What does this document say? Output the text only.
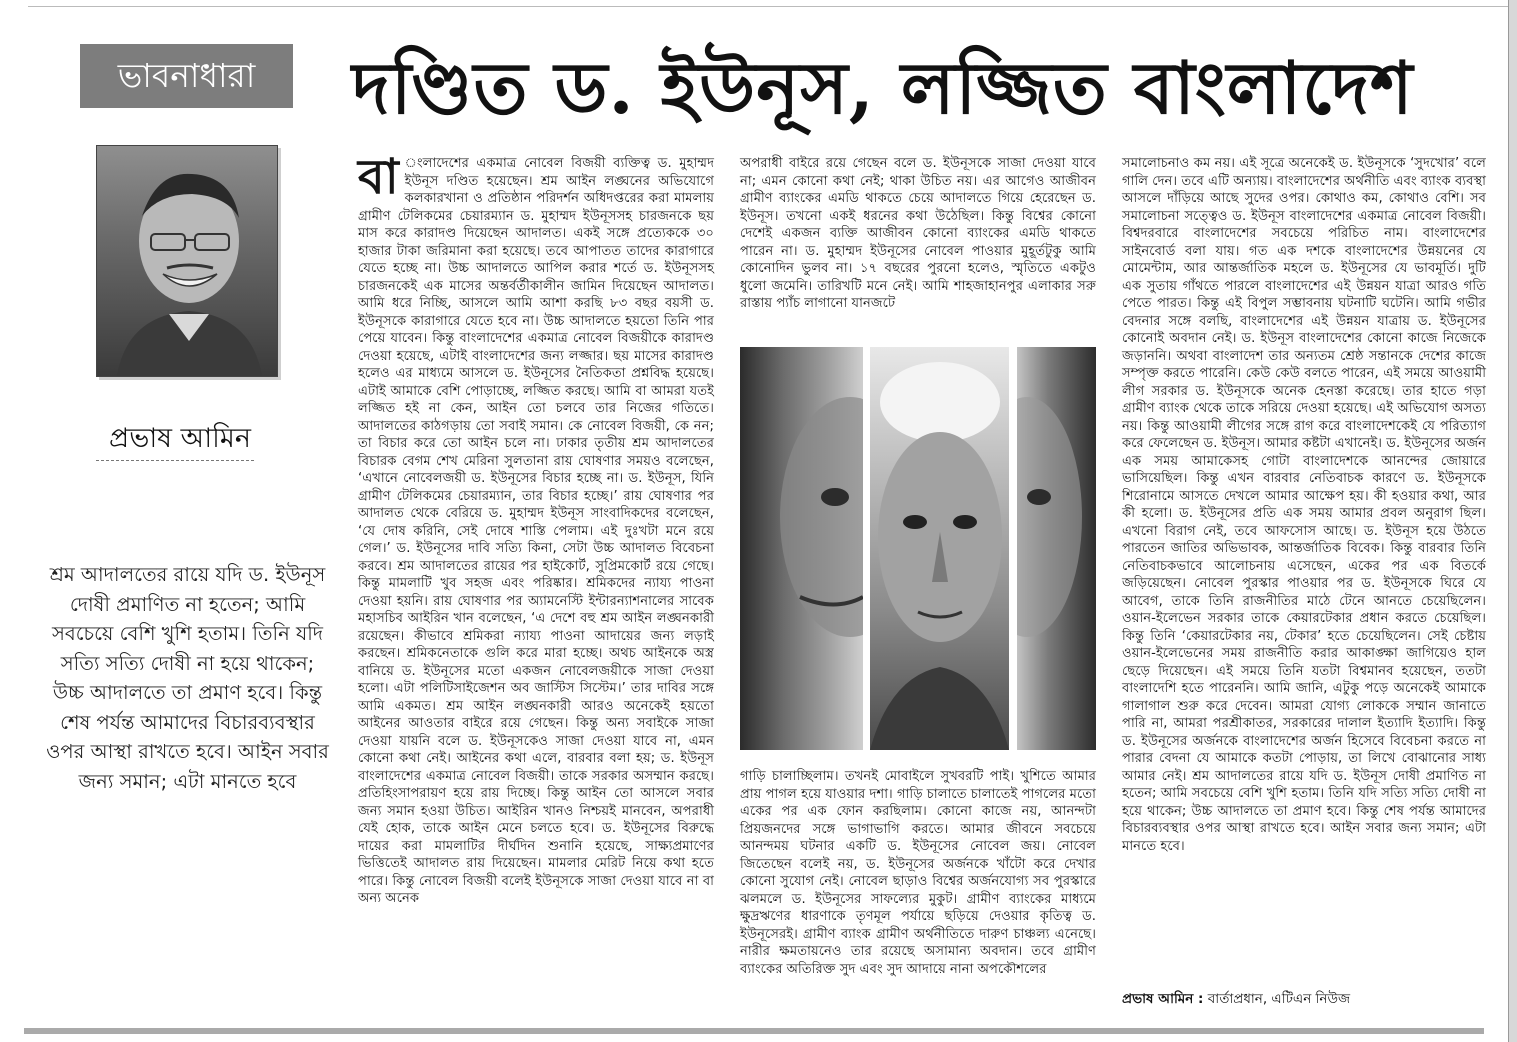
ভাবনাধারা	দণ্ডিত ড. ইউনূস, লজ্জিত বাংলাদেশ
প্রভাষ আমিন
শ্রম আদালতের রায়ে যদি ড. ইউনূস দোষী প্রমাণিত না হতেন; আমি সবচেয়ে বেশি খুশি হতাম। তিনি যদি সত্যি সত্যি দোষী না হয়ে থাকেন; উচ্চ আদালতে তা প্রমাণ হবে। কিন্তু শেষ পর্যন্ত আমাদের বিচারব্যবস্থার ওপর আস্থা রাখতে হবে। আইন সবার জন্য সমান; এটা মানতে হবে

বা ংলাদেশের একমাত্র নোবেল বিজয়ী ব্যক্তিত্ব ড. মুহাম্মদ ইউনূস দণ্ডিত হয়েছেন। শ্রম আইন লঙ্ঘনের অভিযোগে কলকারখানা ও প্রতিষ্ঠান পরিদর্শন অধিদপ্তরের করা মামলায় গ্রামীণ টেলিকমের চেয়ারম্যান ড. মুহাম্মদ ইউনূসসহ চারজনকে ছয় মাস করে কারাদণ্ড দিয়েছেন আদালত। একই সঙ্গে প্রত্যেককে ৩০ হাজার টাকা জরিমানা করা হয়েছে। তবে আপাতত তাদের কারাগারে যেতে হচ্ছে না। উচ্চ আদালতে আপিল করার শর্তে ড. ইউনূসসহ চারজনকেই এক মাসের অন্তর্বর্তীকালীন জামিন দিয়েছেন আদালত। আমি ধরে নিচ্ছি, আসলে আমি আশা করছি ৮৩ বছর বয়সী ড. ইউনূসকে কারাগারে যেতে হবে না। উচ্চ আদালতে হয়তো তিনি পার পেয়ে যাবেন। কিন্তু বাংলাদেশের একমাত্র নোবেল বিজয়ীকে কারাদণ্ড দেওয়া হয়েছে, এটাই বাংলাদেশের জন্য লজ্জার। ছয় মাসের কারাদণ্ড হলেও এর মাধ্যমে আসলে ড. ইউনূসের নৈতিকতা প্রশ্নবিদ্ধ হয়েছে। এটাই আমাকে বেশি পোড়াচ্ছে, লজ্জিত করছে। আমি বা আমরা যতই লজ্জিত হই না কেন, আইন তো চলবে তার নিজের গতিতে। আদালতের কাঠগড়ায় তো সবাই সমান। কে নোবেল বিজয়ী, কে নন; তা বিচার করে তো আইন চলে না। ঢাকার তৃতীয় শ্রম আদালতের বিচারক বেগম শেখ মেরিনা সুলতানা রায় ঘোষণার সময়ও বলেছেন, ‘এখানে নোবেলজয়ী ড. ইউনূসের বিচার হচ্ছে না। ড. ইউনূস, যিনি গ্রামীণ টেলিকমের চেয়ারম্যান, তার বিচার হচ্ছে।’ রায় ঘোষণার পর আদালত থেকে বেরিয়ে ড. মুহাম্মদ ইউনূস সাংবাদিকদের বলেছেন, ‘যে দোষ করিনি, সেই দোষে শাস্তি পেলাম। এই দুঃখটা মনে রয়ে গেল।’ ড. ইউনূসের দাবি সত্যি কিনা, সেটা উচ্চ আদালত বিবেচনা করবে। শ্রম আদালতের রায়ের পর হাইকোর্ট, সুপ্রিমকোর্ট রয়ে গেছে। কিন্তু মামলাটি খুব সহজ এবং পরিষ্কার। শ্রমিকদের ন্যায্য পাওনা দেওয়া হয়নি। রায় ঘোষণার পর অ্যামনেস্টি ইন্টারন্যাশনালের সাবেক মহাসচিব আইরিন খান বলেছেন, ‘এ দেশে বহু শ্রম আইন লঙ্ঘনকারী রয়েছেন। কীভাবে শ্রমিকরা ন্যায্য পাওনা আদায়ের জন্য লড়াই করছেন। শ্রমিকনেতাকে গুলি করে মারা হচ্ছে। অথচ আইনকে অস্ত্র বানিয়ে ড. ইউনূসের মতো একজন নোবেলজয়ীকে সাজা দেওয়া হলো। এটা পলিটিসাইজেশন অব জাস্টিস সিস্টেম।’ তার দাবির সঙ্গে আমি একমত। শ্রম আইন লঙ্ঘনকারী আরও অনেকেই হয়তো আইনের আওতার বাইরে রয়ে গেছেন। কিন্তু অন্য সবাইকে সাজা দেওয়া যায়নি বলে ড. ইউনূসকেও সাজা দেওয়া যাবে না, এমন কোনো কথা নেই। আইনের কথা এলে, বারবার বলা হয়; ড. ইউনূস বাংলাদেশের একমাত্র নোবেল বিজয়ী। তাকে সরকার অসম্মান করছে। প্রতিহিংসাপরায়ণ হয়ে রায় দিচ্ছে। কিন্তু আইন তো আসলে সবার জন্য সমান হওয়া উচিত। আইরিন খানও নিশ্চয়ই মানবেন, অপরাধী যেই হোক, তাকে আইন মেনে চলতে হবে। ড. ইউনূসের বিরুদ্ধে দায়ের করা মামলাটির দীর্ঘদিন শুনানি হয়েছে, সাক্ষ্যপ্রমাণের ভিত্তিতেই আদালত রায় দিয়েছেন। মামলার মেরিট নিয়ে কথা হতে পারে। কিন্তু নোবেল বিজয়ী বলেই ইউনূসকে সাজা দেওয়া যাবে না বা অন্য অনেক

অপরাধী বাইরে রয়ে গেছেন বলে ড. ইউনূসকে সাজা দেওয়া যাবে না; এমন কোনো কথা নেই; থাকা উচিত নয়। এর আগেও আজীবন গ্রামীণ ব্যাংকের এমডি থাকতে চেয়ে আদালতে গিয়ে হেরেছেন ড. ইউনূস। তখনো একই ধরনের কথা উঠেছিল। কিন্তু বিশ্বের কোনো দেশেই একজন ব্যক্তি আজীবন কোনো ব্যাংকের এমডি থাকতে পারেন না। ড. মুহাম্মদ ইউনূসের নোবেল পাওয়ার মুহূর্তটুকু আমি কোনোদিন ভুলব না। ১৭ বছরের পুরনো হলেও, স্মৃতিতে একটুও ধুলো জমেনি। তারিখটি মনে নেই। আমি শাহজাহানপুর এলাকার সরু রাস্তায় প্যাঁচ লাগানো যানজটে

গাড়ি চালাচ্ছিলাম। তখনই মোবাইলে সুখবরটি পাই। খুশিতে আমার প্রায় পাগল হয়ে যাওয়ার দশা। গাড়ি চালাতে চালাতেই পাগলের মতো একের পর এক ফোন করছিলাম। কোনো কাজে নয়, আনন্দটা প্রিয়জনদের সঙ্গে ভাগাভাগি করতে। আমার জীবনে সবচেয়ে আনন্দময় ঘটনার একটি ড. ইউনূসের নোবেল জয়। নোবেল জিতেছেন বলেই নয়, ড. ইউনূসের অর্জনকে খাঁটো করে দেখার কোনো সুযোগ নেই। নোবেল ছাড়াও বিশ্বের অর্জনযোগ্য সব পুরস্কারে ঝলমলে ড. ইউনূসের সাফল্যের মুকুট। গ্রামীণ ব্যাংকের মাধ্যমে ক্ষুদ্রঋণের ধারণাকে তৃণমূল পর্যায়ে ছড়িয়ে দেওয়ার কৃতিত্ব ড. ইউনূসেরই। গ্রামীণ ব্যাংক গ্রামীণ অর্থনীতিতে দারুণ চাঞ্চল্য এনেছে। নারীর ক্ষমতায়নেও তার রয়েছে অসামান্য অবদান। তবে গ্রামীণ ব্যাংকের অতিরিক্ত সুদ এবং সুদ আদায়ে নানা অপকৌশলের

সমালোচনাও কম নয়। এই সূত্রে অনেকেই ড. ইউনূসকে ‘সুদখোর’ বলে গালি দেন। তবে এটি অন্যায়। বাংলাদেশের অর্থনীতি এবং ব্যাংক ব্যবস্থা আসলে দাঁড়িয়ে আছে সুদের ওপর। কোথাও কম, কোথাও বেশি। সব সমালোচনা সত্ত্বেও ড. ইউনূস বাংলাদেশের একমাত্র নোবেল বিজয়ী। বিশ্বদরবারে বাংলাদেশের সবচেয়ে পরিচিত নাম। বাংলাদেশের সাইনবোর্ড বলা যায়। গত এক দশকে বাংলাদেশের উন্নয়নের যে মোমেন্টাম, আর আন্তর্জাতিক মহলে ড. ইউনূসের যে ভাবমূর্তি। দুটি এক সুতায় গাঁথতে পারলে বাংলাদেশের এই উন্নয়ন যাত্রা আরও গতি পেতে পারত। কিন্তু এই বিপুল সম্ভাবনায় ঘটনাটি ঘটেনি। আমি গভীর বেদনার সঙ্গে বলছি, বাংলাদেশের এই উন্নয়ন যাত্রায় ড. ইউনূসের কোনোই অবদান নেই। ড. ইউনূস বাংলাদেশের কোনো কাজে নিজেকে জড়াননি। অথবা বাংলাদেশ তার অন্যতম শ্রেষ্ঠ সন্তানকে দেশের কাজে সম্পৃক্ত করতে পারেনি। কেউ কেউ বলতে পারেন, এই সময়ে আওয়ামী লীগ সরকার ড. ইউনূসকে অনেক হেনস্তা করেছে। তার হাতে গড়া গ্রামীণ ব্যাংক থেকে তাকে সরিয়ে দেওয়া হয়েছে। এই অভিযোগ অসত্য নয়। কিন্তু আওয়ামী লীগের সঙ্গে রাগ করে বাংলাদেশকেই যে পরিত্যাগ করে ফেলেছেন ড. ইউনূস। আমার কষ্টটা এখানেই। ড. ইউনূসের অর্জন এক সময় আমাকেসহ গোটা বাংলাদেশকে আনন্দের জোয়ারে ভাসিয়েছিল। কিন্তু এখন বারবার নেতিবাচক কারণে ড. ইউনূসকে শিরোনামে আসতে দেখলে আমার আক্ষেপ হয়। কী হওয়ার কথা, আর কী হলো। ড. ইউনূসের প্রতি এক সময় আমার প্রবল অনুরাগ ছিল। এখনো বিরাগ নেই, তবে আফসোস আছে। ড. ইউনূস হয়ে উঠতে পারতেন জাতির অভিভাবক, আন্তর্জাতিক বিবেক। কিন্তু বারবার তিনি নেতিবাচকভাবে আলোচনায় এসেছেন, একের পর এক বিতর্কে জড়িয়েছেন। নোবেল পুরস্কার পাওয়ার পর ড. ইউনূসকে ঘিরে যে আবেগ, তাকে তিনি রাজনীতির মাঠে টেনে আনতে চেয়েছিলেন। ওয়ান-ইলেভেন সরকার তাকে কেয়ারটেকার প্রধান করতে চেয়েছিল। কিন্তু তিনি ‘কেয়ারটেকার নয়, টেকার’ হতে চেয়েছিলেন। সেই চেষ্টায় ওয়ান-ইলেভেনের সময় রাজনীতি করার আকাঙ্ক্ষা জাগিয়েও হাল ছেড়ে দিয়েছেন। এই সময়ে তিনি যতটা বিশ্বমানব হয়েছেন, ততটা বাংলাদেশি হতে পারেননি। আমি জানি, এটুকু পড়ে অনেকেই আমাকে গালাগাল শুরু করে দেবেন। আমরা যোগ্য লোককে সম্মান জানাতে পারি না, আমরা পরশ্রীকাতর, সরকারের দালাল ইত্যাদি ইত্যাদি। কিন্তু ড. ইউনূসের অর্জনকে বাংলাদেশের অর্জন হিসেবে বিবেচনা করতে না পারার বেদনা যে আমাকে কতটা পোড়ায়, তা লিখে বোঝানোর সাধ্য আমার নেই। শ্রম আদালতের রায়ে যদি ড. ইউনূস দোষী প্রমাণিত না হতেন; আমি সবচেয়ে বেশি খুশি হতাম। তিনি যদি সত্যি সত্যি দোষী না হয়ে থাকেন; উচ্চ আদালতে তা প্রমাণ হবে। কিন্তু শেষ পর্যন্ত আমাদের বিচারব্যবস্থার ওপর আস্থা রাখতে হবে। আইন সবার জন্য সমান; এটা মানতে হবে।

প্রভাষ আমিন : বার্তাপ্রধান, এটিএন নিউজ
